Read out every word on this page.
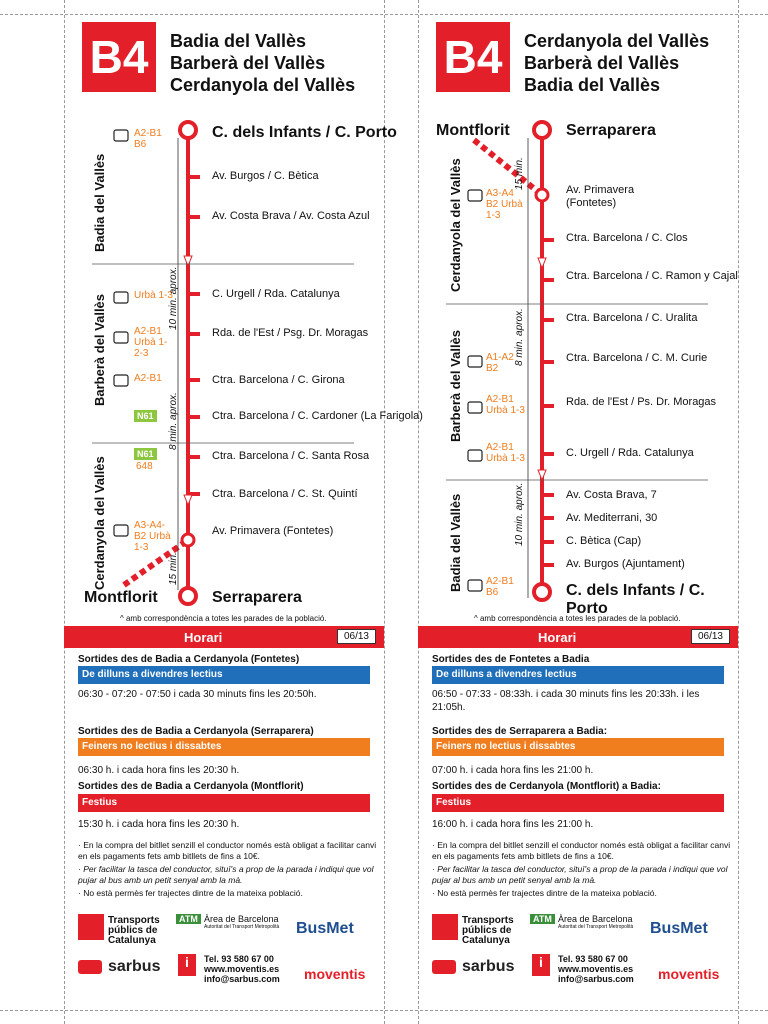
B4	Badia del Vallès
Barberà del Vallès
Cerdanyola del Vallès
C. dels Infants / C. Porto
Av. Burgos / C. Bètica
Av. Costa Brava / Av. Costa Azul
C. Urgell / Rda. Catalunya
Rda. de l'Est / Psg. Dr. Moragas
Ctra. Barcelona / C. Girona
Ctra. Barcelona / C. Cardoner (La Farigola)
Ctra. Barcelona / C. Santa Rosa
Ctra. Barcelona / C. St. Quintí
Av. Primavera (Fontetes)
Serraparera
Montflorit
A2-B1 B6
Urbà 1-3
A2-B1 Urbà 1-2-3
A2-B1
A3-A4-B2 Urbà 1-3
N61
N61
648
Badia del Vallès
Barberà del Vallès
Cerdanyola del Vallès
10 min. aprox.
8 min. aprox.
15 min.
^ amb correspondència a totes les parades de la població.
Horari	06/13
Sortides des de Badia a Cerdanyola (Fontetes)
De dilluns a divendres lectius
06:30 - 07:20 - 07:50 i cada 30 minuts fins les 20:50h.
Sortides des de Badia a Cerdanyola (Serraparera)
Feiners no lectius i dissabtes
06:30 h. i cada hora fins les 20:30 h.
Sortides des de Badia a Cerdanyola (Montflorit)
Festius
15:30 h. i cada hora fins les 20:30 h.
· En la compra del bitllet senzill el conductor només està obligat a facilitar canvi en els pagaments fets amb bitllets de fins a 10€.
· Per facilitar la tasca del conductor, situï's a prop de la parada i indiqui que vol pujar al bus amb un petit senyal amb la mà.
· No està permès fer trajectes dintre de la mateixa població.
Transports públics de Catalunya
ATM Àrea de Barcelona
Autoritat del Transport Metropolità BusMet
sarbus	i	Tel. 93 580 67 00
www.moventis.es
info@sarbus.com moventis
B4	Cerdanyola del Vallès
Barberà del Vallès
Badia del Vallès
Serraparera
Av. Primavera (Fontetes)
Ctra. Barcelona / C. Clos
Ctra. Barcelona / C. Ramon y Cajal
Ctra. Barcelona / C. Uralita
Ctra. Barcelona / C. M. Curie
Rda. de l'Est / Ps. Dr. Moragas
C. Urgell / Rda. Catalunya
Av. Costa Brava, 7
Av. Mediterrani, 30
C. Bètica (Cap)
Av. Burgos (Ajuntament)
C. dels Infants / C. Porto
Montflorit
A3-A4 B2 Urbà 1-3
A1-A2 B2
A2-B1 Urbà 1-3
A2-B1 Urbà 1-3
A2-B1 B6
Cerdanyola del Vallès
Barberà del Vallès
Badia del Vallès
15 min.
8 min. aprox.
10 min. aprox.
^ amb correspondència a totes les parades de la població.
Horari	06/13
Sortides des de Fontetes a Badia
De dilluns a divendres lectius
06:50 - 07:33 - 08:33h. i cada 30 minuts fins les 20:33h. i les 21:05h.
Sortides des de Serraparera a Badia:
Feiners no lectius i dissabtes
07:00 h. i cada hora fins les 21:00 h.
Sortides des de Cerdanyola (Montflorit) a Badia:
Festius
16:00 h. i cada hora fins les 21:00 h.
· En la compra del bitllet senzill el conductor només està obligat a facilitar canvi en els pagaments fets amb bitllets de fins a 10€.
· Per facilitar la tasca del conductor, situï's a prop de la parada i indiqui que vol pujar al bus amb un petit senyal amb la mà.
· No està permès fer trajectes dintre de la mateixa població.
Transports públics de Catalunya
ATM Àrea de Barcelona
Autoritat del Transport Metropolità BusMet
sarbus	i	Tel. 93 580 67 00
www.moventis.es
info@sarbus.com moventis
